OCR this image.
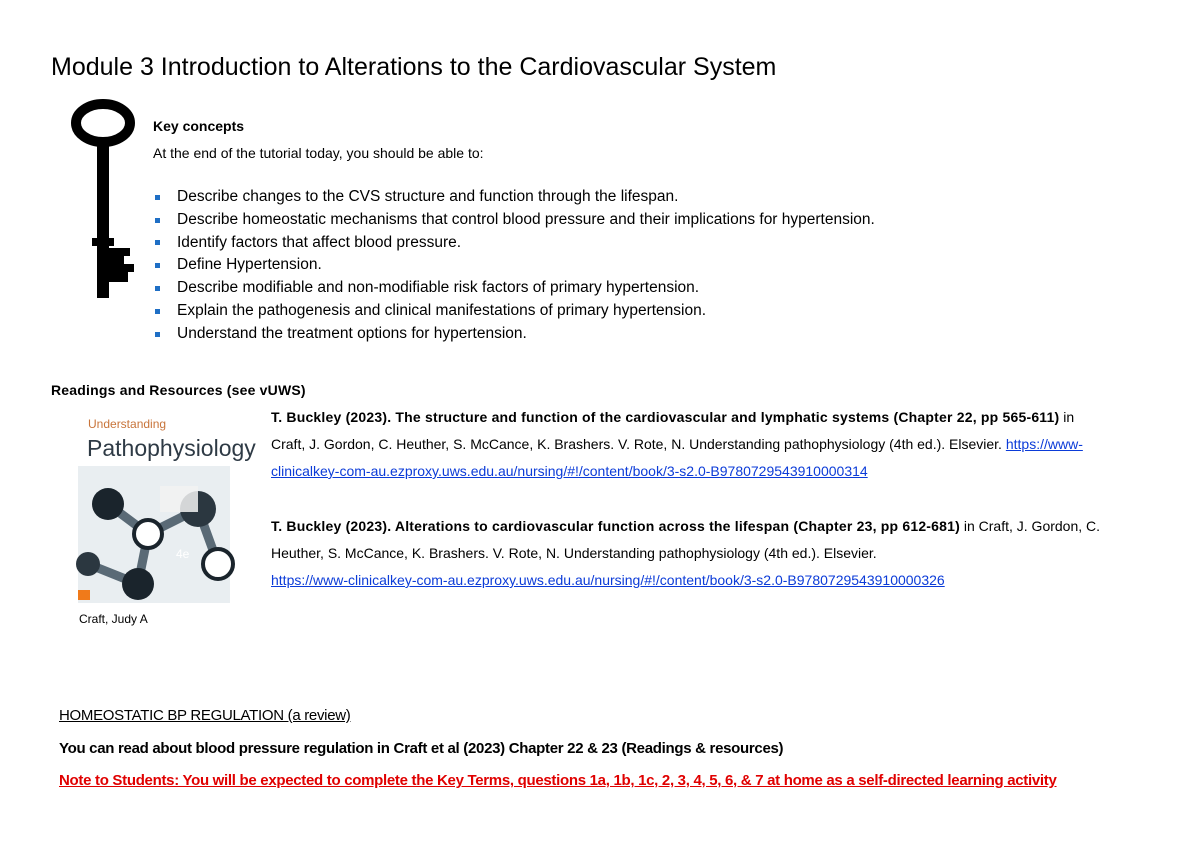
Module 3 Introduction to Alterations to the Cardiovascular System
Key concepts
At the end of the tutorial today, you should be able to:
Describe changes to the CVS structure and function through the lifespan.
Describe homeostatic mechanisms that control blood pressure and their implications for hypertension.
Identify factors that affect blood pressure.
Define Hypertension.
Describe modifiable and non-modifiable risk factors of primary hypertension.
Explain the pathogenesis and clinical manifestations of primary hypertension.
Understand the treatment options for hypertension.
Readings and Resources (see vUWS)
Understanding
Pathophysiology
4e
Craft, Judy A
T. Buckley (2023). The structure and function of the cardiovascular and lymphatic systems (Chapter 22, pp 565-611) in Craft, J. Gordon, C. Heuther, S. McCance, K. Brashers. V. Rote, N. Understanding pathophysiology (4th ed.). Elsevier. https://www-clinicalkey-com-au.ezproxy.uws.edu.au/nursing/#!/content/book/3-s2.0-B9780729543910000314
T. Buckley (2023). Alterations to cardiovascular function across the lifespan (Chapter 23, pp 612-681) in Craft, J. Gordon, C. Heuther, S. McCance, K. Brashers. V. Rote, N. Understanding pathophysiology (4th ed.). Elsevier.
https://www-clinicalkey-com-au.ezproxy.uws.edu.au/nursing/#!/content/book/3-s2.0-B9780729543910000326
HOMEOSTATIC BP REGULATION (a review)
You can read about blood pressure regulation in Craft et al (2023) Chapter 22 & 23 (Readings & resources)
Note to Students: You will be expected to complete the Key Terms, questions 1a, 1b, 1c, 2, 3, 4, 5, 6, & 7 at home as a self-directed learning activity
